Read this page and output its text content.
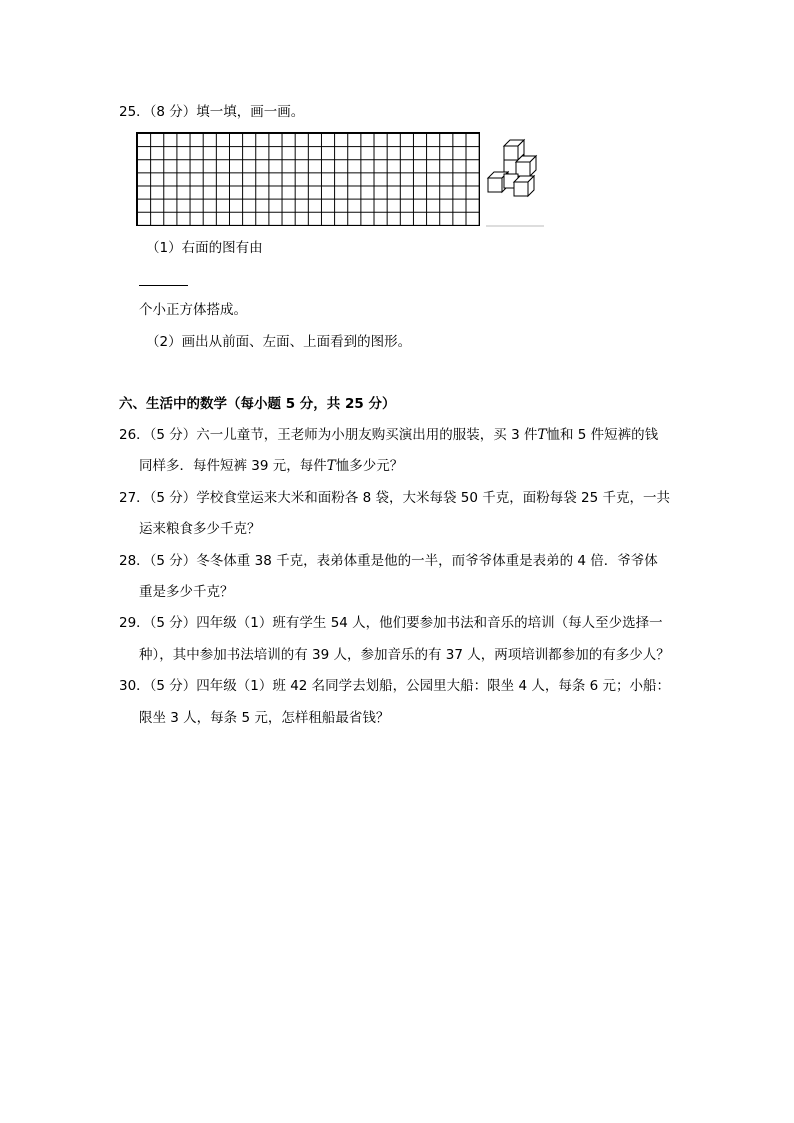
25．（8 分）填一填，画一画。
（1）右面的图有由
个小正方体搭成。
（2）画出从前面、左面、上面看到的图形。
六、生活中的数学（每小题 5 分，共 25 分）
26．（5 分）六一儿童节，王老师为小朋友购买演出用的服装，买 3 件T恤和 5 件短裤的钱
同样多．每件短裤 39 元，每件T恤多少元？
27．（5 分）学校食堂运来大米和面粉各 8 袋，大米每袋 50 千克，面粉每袋 25 千克，一共
运来粮食多少千克？
28．（5 分）冬冬体重 38 千克，表弟体重是他的一半，而爷爷体重是表弟的 4 倍．爷爷体
重是多少千克？
29．（5 分）四年级（1）班有学生 54 人，他们要参加书法和音乐的培训（每人至少选择一
种），其中参加书法培训的有 39 人，参加音乐的有 37 人，两项培训都参加的有多少人？
30．（5 分）四年级（1）班 42 名同学去划船，公园里大船：限坐 4 人，每条 6 元；小船：
限坐 3 人，每条 5 元，怎样租船最省钱？
